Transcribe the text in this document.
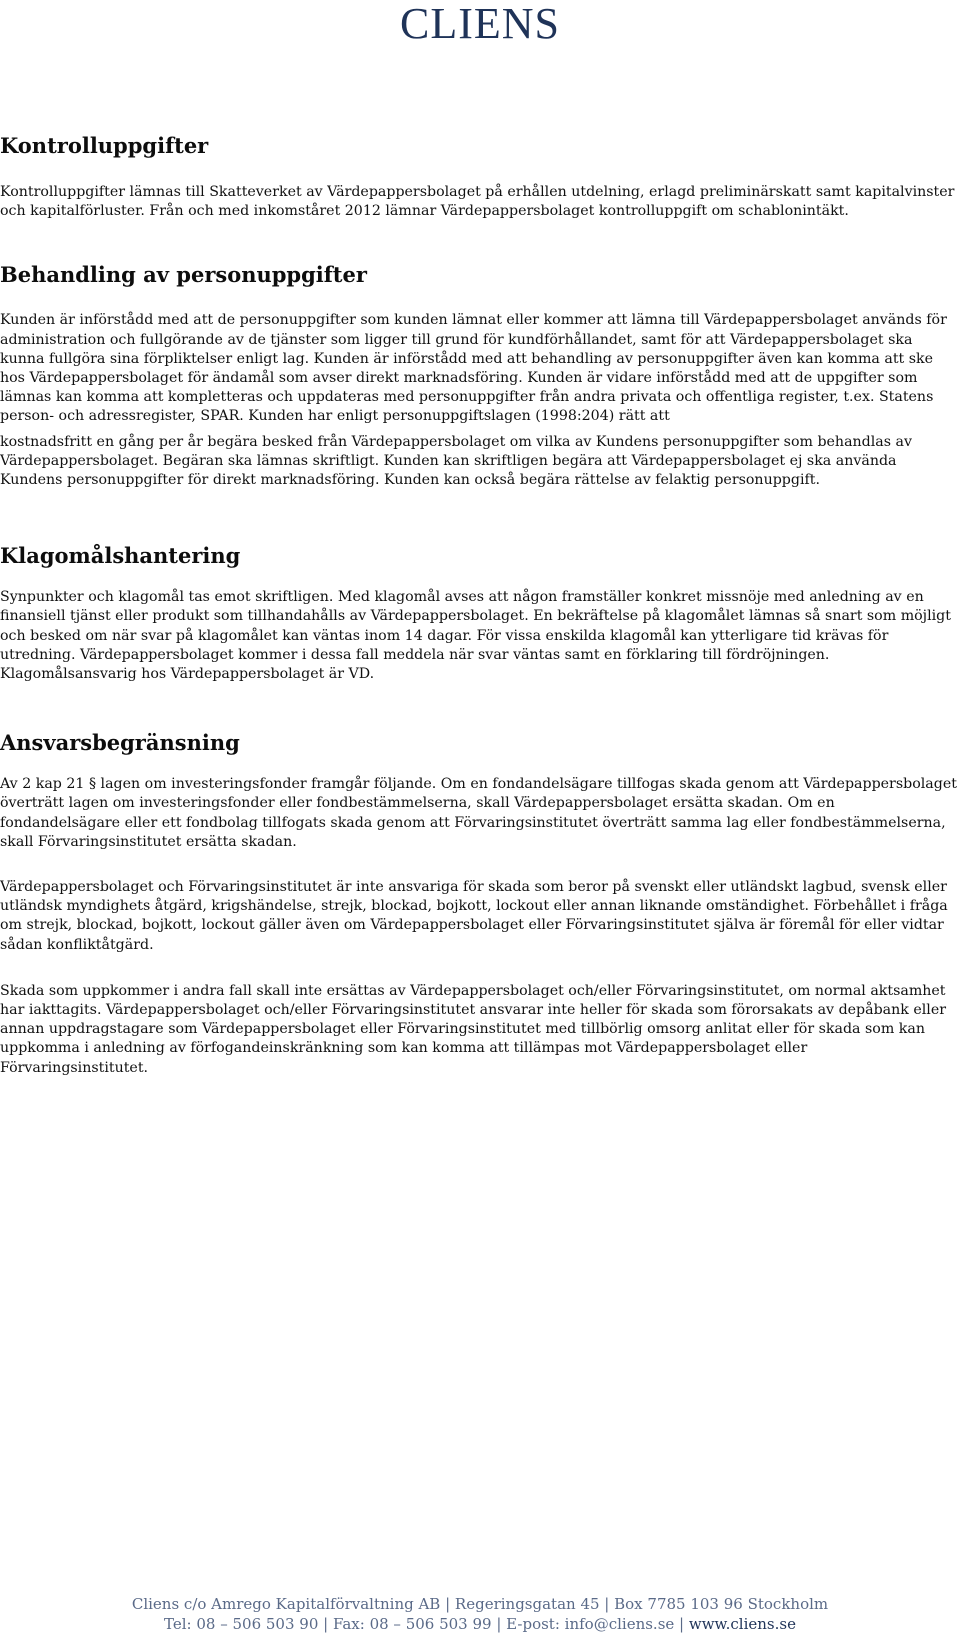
CLIENS
Kontrolluppgifter

Kontrolluppgifter lämnas till Skatteverket av Värdepappersbolaget på erhållen utdelning, erlagd preliminärskatt samt kapitalvinster och kapitalförluster. Från och med inkomståret 2012 lämnar Värdepappersbolaget kontrolluppgift om schablonintäkt.

Behandling av personuppgifter

Kunden är införstådd med att de personuppgifter som kunden lämnat eller kommer att lämna till Värdepappersbolaget används för administration och fullgörande av de tjänster som ligger till grund för kundförhållandet, samt för att Värdepappersbolaget ska kunna fullgöra sina förpliktelser enligt lag. Kunden är införstådd med att behandling av personuppgifter även kan komma att ske hos Värdepappersbolaget för ändamål som avser direkt marknadsföring. Kunden är vidare införstådd med att de uppgifter som lämnas kan komma att kompletteras och uppdateras med personuppgifter från andra privata och offentliga register, t.ex. Statens person- och adressregister, SPAR. Kunden har enligt personuppgiftslagen (1998:204) rätt att

kostnadsfritt en gång per år begära besked från Värdepappersbolaget om vilka av Kundens personuppgifter som behandlas av Värdepappersbolaget. Begäran ska lämnas skriftligt. Kunden kan skriftligen begära att Värdepappersbolaget ej ska använda Kundens personuppgifter för direkt marknadsföring. Kunden kan också begära rättelse av felaktig personuppgift.

Klagomålshantering

Synpunkter och klagomål tas emot skriftligen. Med klagomål avses att någon framställer konkret missnöje med anledning av en finansiell tjänst eller produkt som tillhandahålls av Värdepappersbolaget. En bekräftelse på klagomålet lämnas så snart som möjligt och besked om när svar på klagomålet kan väntas inom 14 dagar. För vissa enskilda klagomål kan ytterligare tid krävas för utredning. Värdepappersbolaget kommer i dessa fall meddela när svar väntas samt en förklaring till fördröjningen. Klagomålsansvarig hos Värdepappersbolaget är VD.

Ansvarsbegränsning

Av 2 kap 21 § lagen om investeringsfonder framgår följande. Om en fondandelsägare tillfogas skada genom att Värdepappersbolaget överträtt lagen om investeringsfonder eller fondbestämmelserna, skall Värdepappersbolaget ersätta skadan. Om en fondandelsägare eller ett fondbolag tillfogats skada genom att Förvaringsinstitutet överträtt samma lag eller fondbestämmelserna, skall Förvaringsinstitutet ersätta skadan.

Värdepappersbolaget och Förvaringsinstitutet är inte ansvariga för skada som beror på svenskt eller utländskt lagbud, svensk eller utländsk myndighets åtgärd, krigshändelse, strejk, blockad, bojkott, lockout eller annan liknande omständighet. Förbehållet i fråga om strejk, blockad, bojkott, lockout gäller även om Värdepappersbolaget eller Förvaringsinstitutet själva är föremål för eller vidtar sådan konfliktåtgärd.

Skada som uppkommer i andra fall skall inte ersättas av Värdepappersbolaget och/eller Förvaringsinstitutet, om normal aktsamhet har iakttagits. Värdepappersbolaget och/eller Förvaringsinstitutet ansvarar inte heller för skada som förorsakats av depåbank eller annan uppdragstagare som Värdepappersbolaget eller Förvaringsinstitutet med tillbörlig omsorg anlitat eller för skada som kan uppkomma i anledning av förfogandeinskränkning som kan komma att tillämpas mot Värdepappersbolaget eller Förvaringsinstitutet.

Cliens c/o Amrego Kapitalförvaltning AB | Regeringsgatan 45 | Box 7785 103 96 Stockholm
Tel: 08 – 506 503 90 | Fax: 08 – 506 503 99 | E-post: info@cliens.se | www.cliens.se
